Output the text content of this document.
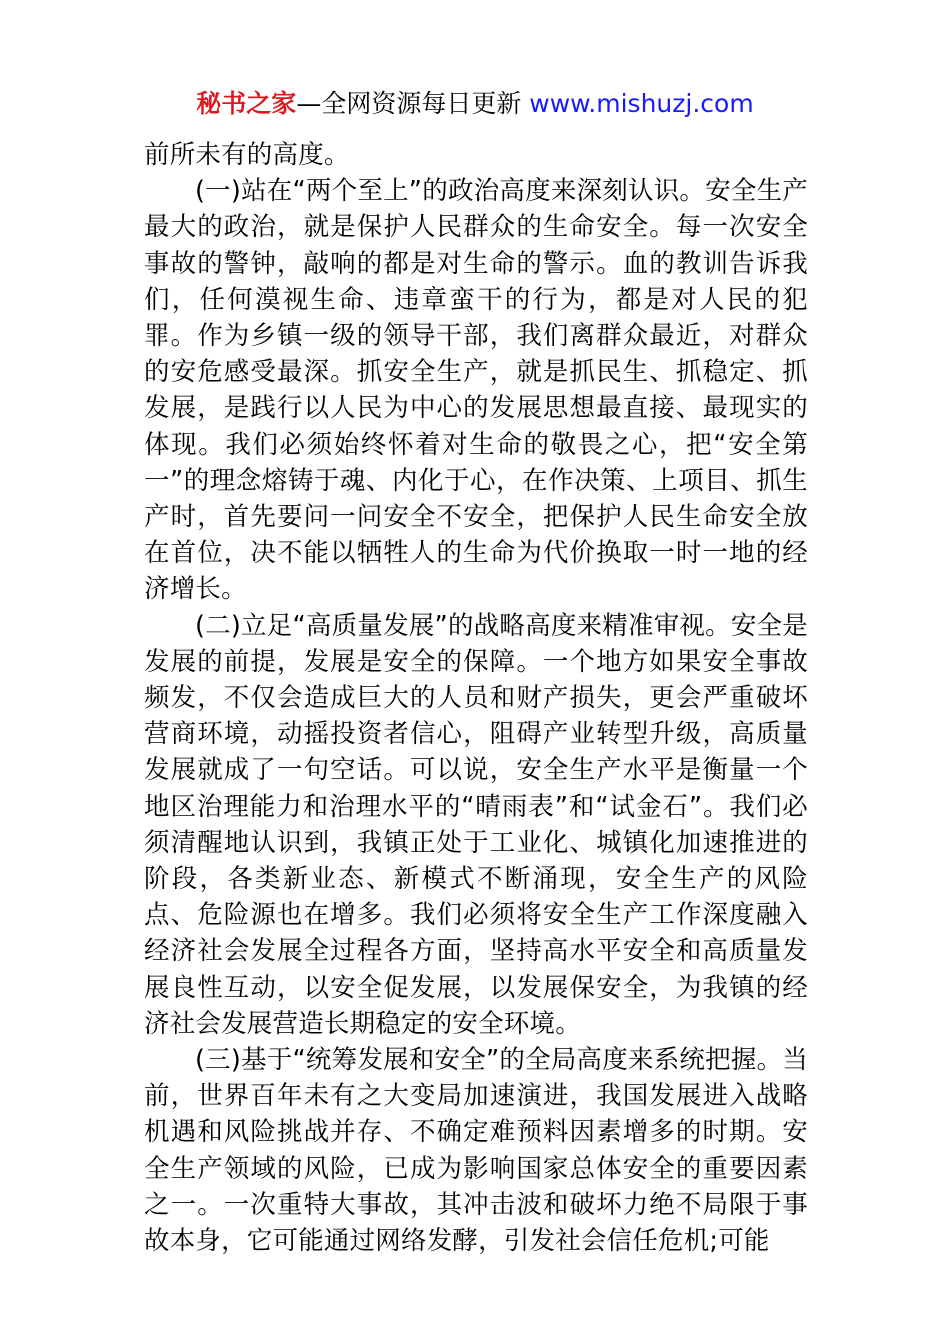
秘书之家—全网资源每日更新 www.mishuzj.com

前所未有的高度。

(一)站在“两个至上”的政治高度来深刻认识。安全生产最大的政治，就是保护人民群众的生命安全。每一次安全事故的警钟，敲响的都是对生命的警示。血的教训告诉我们，任何漠视生命、违章蛮干的行为，都是对人民的犯罪。作为乡镇一级的领导干部，我们离群众最近，对群众的安危感受最深。抓安全生产，就是抓民生、抓稳定、抓发展，是践行以人民为中心的发展思想最直接、最现实的体现。我们必须始终怀着对生命的敬畏之心，把“安全第一”的理念熔铸于魂、内化于心，在作决策、上项目、抓生产时，首先要问一问安全不安全，把保护人民生命安全放在首位，决不能以牺牲人的生命为代价换取一时一地的经济增长。

(二)立足“高质量发展”的战略高度来精准审视。安全是发展的前提，发展是安全的保障。一个地方如果安全事故频发，不仅会造成巨大的人员和财产损失，更会严重破坏营商环境，动摇投资者信心，阻碍产业转型升级，高质量发展就成了一句空话。可以说，安全生产水平是衡量一个地区治理能力和治理水平的“晴雨表”和“试金石”。我们必须清醒地认识到，我镇正处于工业化、城镇化加速推进的阶段，各类新业态、新模式不断涌现，安全生产的风险点、危险源也在增多。我们必须将安全生产工作深度融入经济社会发展全过程各方面，坚持高水平安全和高质量发展良性互动，以安全促发展，以发展保安全，为我镇的经济社会发展营造长期稳定的安全环境。

(三)基于“统筹发展和安全”的全局高度来系统把握。当前，世界百年未有之大变局加速演进，我国发展进入战略机遇和风险挑战并存、不确定难预料因素增多的时期。安全生产领域的风险，已成为影响国家总体安全的重要因素之一。一次重特大事故，其冲击波和破坏力绝不局限于事故本身，它可能通过网络发酵，引发社会信任危机;可能
